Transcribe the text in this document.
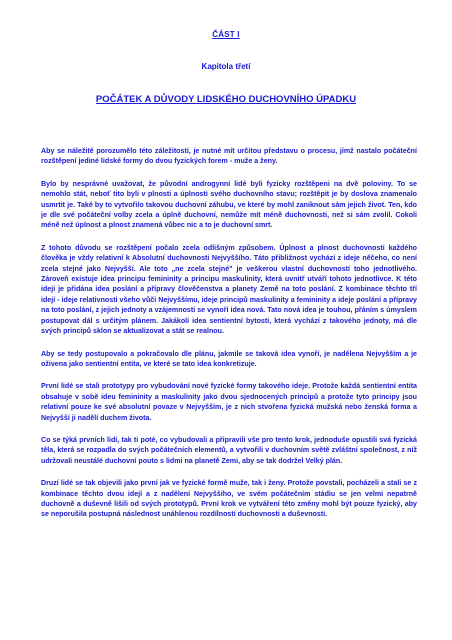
ČÁST I
Kapitola třetí
POČÁTEK A DŮVODY LIDSKÉHO DUCHOVNÍHO ÚPADKU

Aby se náležitě porozumělo této záležitosti, je nutné mít určitou představu o procesu, jímž nastalo počáteční rozštěpení jediné lidské formy do dvou fyzických forem - muže a ženy.

Bylo by nesprávné uvažovat, že původní androgynní lidé byli fyzicky rozštěpeni na dvě poloviny. To se nemohlo stát, neboť tito byli v plnosti a úplnosti svého duchovního stavu; rozštěpit je by doslova znamenalo usmrtit je. Také by to vytvořilo takovou duchovní záhubu, ve které by mohl zaniknout sám jejich život. Ten, kdo je dle své počáteční volby zcela a úplně duchovní, nemůže mít méně duchovnosti, než si sám zvolil. Cokoli méně než úplnost a plnost znamená vůbec nic a to je duchovní smrt.

Z tohoto důvodu se rozštěpení počalo zcela odlišným způsobem. Úplnost a plnost duchovnosti každého člověka je vždy relativní k Absolutní duchovnosti Nejvyššího. Táto přibližnost vychází z ideje něčeho, co není zcela stejné jako Nejvyšší. Ale toto „ne zcela stejné" je veškerou vlastní duchovností toho jednotlivého. Zároveň existuje idea principu femininity a principu maskulinity, která uvnitř utváří tohoto jednotlivce. K této ideji je přidána idea poslání a přípravy člověčenstva a planety Země na toto poslání. Z kombinace těchto tří idejí - ideje relativnosti všeho vůči Nejvyššímu, ideje principů maskulinity a femininity a ideje poslání a přípravy na toto poslání, z jejich jednoty a vzájemnosti se vynoří idea nová. Tato nová idea je touhou, přáním s úmyslem postupovat dál s určitým plánem. Jakákoli idea sentientní bytosti, která vychází z takového jednoty, má dle svých principů sklon se aktualizovat a stát se realnou.

Aby se tedy postupovalo a pokračovalo dle plánu, jakmile se taková idea vynoří, je nadělena Nejvyšším a je oživena jako sentientní entita, ve které se tato idea konkretizuje.

První lidé se stali prototypy pro vybudování nové fyzické formy takového ideje. Protože každá sentientní entita obsahuje v sobě ideu femininity a maskulinity jako dvou sjednocených principů a protože tyto principy jsou relativní pouze ke své absolutní povaze v Nejvyšším, je z nich stvořena fyzická mužská nebo ženská forma a Nejvyšší ji nadělí duchem života.

Co se týká prvních lidí, tak ti poté, co vybudovali a připravili vše pro tento krok, jednoduše opustili svá fyzická těla, která se rozpadla do svých počátečních elementů, a vytvořili v duchovním světě zvláštní společnost, z níž udržovali neustálé duchovní pouto s lidmi na planetě Zemi, aby se tak dodržel Velký plán.

Druzí lidé se tak objevili jako první jak ve fyzické formě muže, tak i ženy. Protože povstali, pocházeli a stali se z kombinace těchto dvou idejí a z nadělení Nejvyššího, ve svém počátečním stádiu se jen velmi nepatrně duchovně a duševně lišili od svých prototypů. První krok ve vytváření této změny mohl být pouze fyzický, aby se neporušila postupná následnost unáhlenou rozdílností duchovnosti a duševnosti.
